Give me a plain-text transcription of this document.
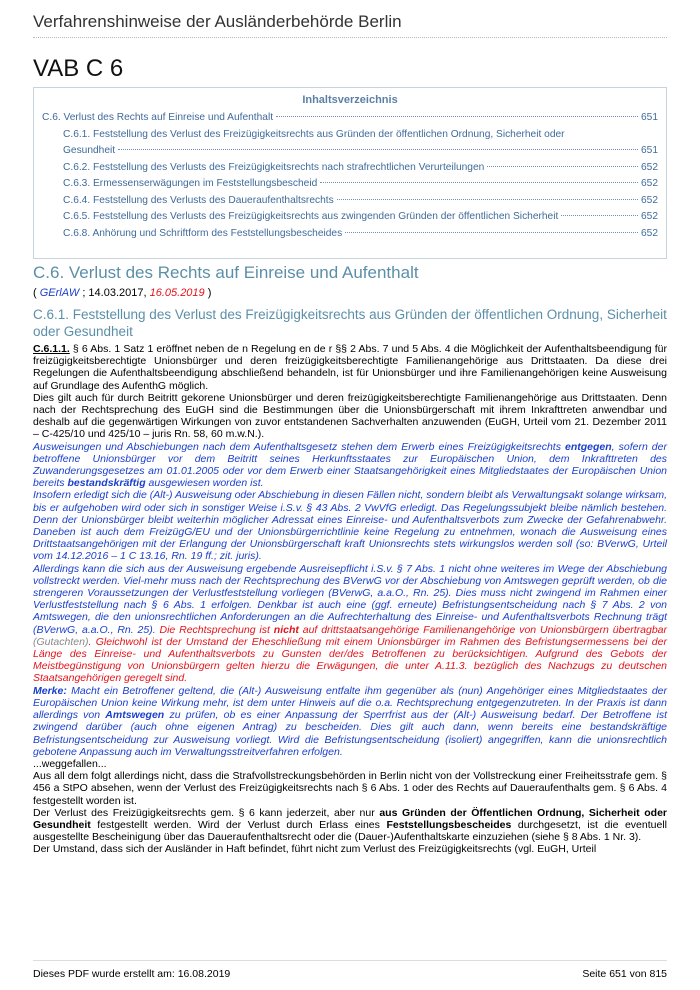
Verfahrenshinweise der Ausländerbehörde Berlin
VAB C 6
Inhaltsverzeichnis
C.6. Verlust des Rechts auf Einreise und Aufenthalt	651
C.6.1. Feststellung des Verlust des Freizügigkeitsrechts aus Gründen der öffentlichen Ordnung, Sicherheit oder
Gesundheit	651
C.6.2. Feststellung des Verlusts des Freizügigkeitsrechts nach strafrechtlichen Verurteilungen	652
C.6.3. Ermessenserwägungen im Feststellungsbescheid	652
C.6.4. Feststellung des Verlusts des Daueraufenthaltsrechts	652
C.6.5. Feststellung des Verlusts des Freizügigkeitsrechts aus zwingenden Gründen der öffentlichen Sicherheit	652
C.6.8. Anhörung und Schriftform des Feststellungsbescheides	652
C.6. Verlust des Rechts auf Einreise und Aufenthalt
( GErlAW ; 14.03.2017, 16.05.2019 )
C.6.1. Feststellung des Verlust des Freizügigkeitsrechts aus Gründen der öffentlichen Ordnung, Sicherheit oder Gesundheit

C.6.1.1. § 6 Abs. 1 Satz 1 eröffnet neben de n Regelung en de r §§ 2 Abs. 7 und 5 Abs. 4 die Möglichkeit der Aufenthaltsbeendigung für freizügigkeitsberechtigte Unionsbürger und deren freizügigkeitsberechtigte Familienangehörige aus Drittstaaten. Da diese drei Regelungen die Aufenthaltsbeendigung abschließend behandeln, ist für Unionsbürger und ihre Familienangehörigen keine Ausweisung auf Grundlage des AufenthG möglich.

Dies gilt auch für durch Beitritt gekorene Unionsbürger und deren freizügigkeitsberechtigte Familienangehörige aus Drittstaaten. Denn nach der Rechtsprechung des EuGH sind die Bestimmungen über die Unionsbürgerschaft mit ihrem Inkrafttreten anwendbar und deshalb auf die gegenwärtigen Wirkungen von zuvor entstandenen Sachverhalten anzuwenden (EuGH, Urteil vom 21. Dezember 2011 – C-425/10 und 425/10 – juris Rn. 58, 60 m.w.N.).

Ausweisungen und Abschiebungen nach dem Aufenthaltsgesetz stehen dem Erwerb eines Freizügigkeitsrechts entgegen, sofern der betroffene Unionsbürger vor dem Beitritt seines Herkunftsstaates zur Europäischen Union, dem Inkrafttreten des Zuwanderungsgesetzes am 01.01.2005 oder vor dem Erwerb einer Staatsangehörigkeit eines Mitgliedstaates der Europäischen Union bereits bestandskräftig ausgewiesen worden ist.

Insofern erledigt sich die (Alt-) Ausweisung oder Abschiebung in diesen Fällen nicht, sondern bleibt als Verwaltungsakt solange wirksam, bis er aufgehoben wird oder sich in sonstiger Weise i.S.v. § 43 Abs. 2 VwVfG erledigt. Das Regelungssubjekt bleibe nämlich bestehen. Denn der Unionsbürger bleibt weiterhin möglicher Adressat eines Einreise- und Aufenthaltsverbots zum Zwecke der Gefahrenabwehr. Daneben ist auch dem FreizügG/EU und der Unionsbürgerrichtlinie keine Regelung zu entnehmen, wonach die Ausweisung eines Drittstaatsangehörigen mit der Erlangung der Unionsbürgerschaft kraft Unionsrechts stets wirkungslos werden soll (so: BVerwG, Urteil vom 14.12.2016 – 1 C 13.16, Rn. 19 ff.; zit. juris).

Allerdings kann die sich aus der Ausweisung ergebende Ausreisepflicht i.S.v. § 7 Abs. 1 nicht ohne weiteres im Wege der Abschiebung vollstreckt werden. Viel-mehr muss nach der Rechtsprechung des BVerwG vor der Abschiebung von Amtswegen geprüft werden, ob die strengeren Voraussetzungen der Verlustfeststellung vorliegen (BVerwG, a.a.O., Rn. 25). Dies muss nicht zwingend im Rahmen einer Verlustfeststellung nach § 6 Abs. 1 erfolgen. Denkbar ist auch eine (ggf. erneute) Befristungsentscheidung nach § 7 Abs. 2 von Amtswegen, die den unionsrechtlichen Anforderungen an die Aufrechterhaltung des Einreise- und Aufenthaltsverbots Rechnung trägt (BVerwG, a.a.O., Rn. 25). Die Rechtsprechung ist nicht auf drittstaatsangehörige Familienangehörige von Unionsbürgern übertragbar (Gutachten). Gleichwohl ist der Umstand der Eheschließung mit einem Unionsbürger im Rahmen des Befristungsermessens bei der Länge des Einreise- und Aufenthaltsverbots zu Gunsten der/des Betroffenen zu berücksichtigen. Aufgrund des Gebots der Meistbegünstigung von Unionsbürgern gelten hierzu die Erwägungen, die unter A.11.3. bezüglich des Nachzugs zu deutschen Staatsangehörigen geregelt sind.

Merke: Macht ein Betroffener geltend, die (Alt-) Ausweisung entfalte ihm gegenüber als (nun) Angehöriger eines Mitgliedstaates der Europäischen Union keine Wirkung mehr, ist dem unter Hinweis auf die o.a. Rechtsprechung entgegenzutreten. In der Praxis ist dann allerdings von Amtswegen zu prüfen, ob es einer Anpassung der Sperrfrist aus der (Alt-) Ausweisung bedarf. Der Betroffene ist zwingend darüber (auch ohne eigenen Antrag) zu bescheiden. Dies gilt auch dann, wenn bereits eine bestandskräftige Befristungsentscheidung zur Ausweisung vorliegt. Wird die Befristungsentscheidung (isoliert) angegriffen, kann die unionsrechtlich gebotene Anpassung auch im Verwaltungsstreitverfahren erfolgen.

...weggefallen...

Aus all dem folgt allerdings nicht, dass die Strafvollstreckungsbehörden in Berlin nicht von der Vollstreckung einer Freiheitsstrafe gem. § 456 a StPO absehen, wenn der Verlust des Freizügigkeitsrechts nach § 6 Abs. 1 oder des Rechts auf Daueraufenthalts gem. § 6 Abs. 4 festgestellt worden ist.

Der Verlust des Freizügigkeitsrechts gem. § 6 kann jederzeit, aber nur aus Gründen der Öffentlichen Ordnung, Sicherheit oder Gesundheit festgestellt werden. Wird der Verlust durch Erlass eines Feststellungsbescheides durchgesetzt, ist die eventuell ausgestellte Bescheinigung über das Daueraufenthaltsrecht oder die (Dauer-)Aufenthaltskarte einzuziehen (siehe § 8 Abs. 1 Nr. 3).

Der Umstand, dass sich der Ausländer in Haft befindet, führt nicht zum Verlust des Freizügigkeitsrechts (vgl. EuGH, Urteil

Dieses PDF wurde erstellt am: 16.08.2019	Seite 651 von 815
